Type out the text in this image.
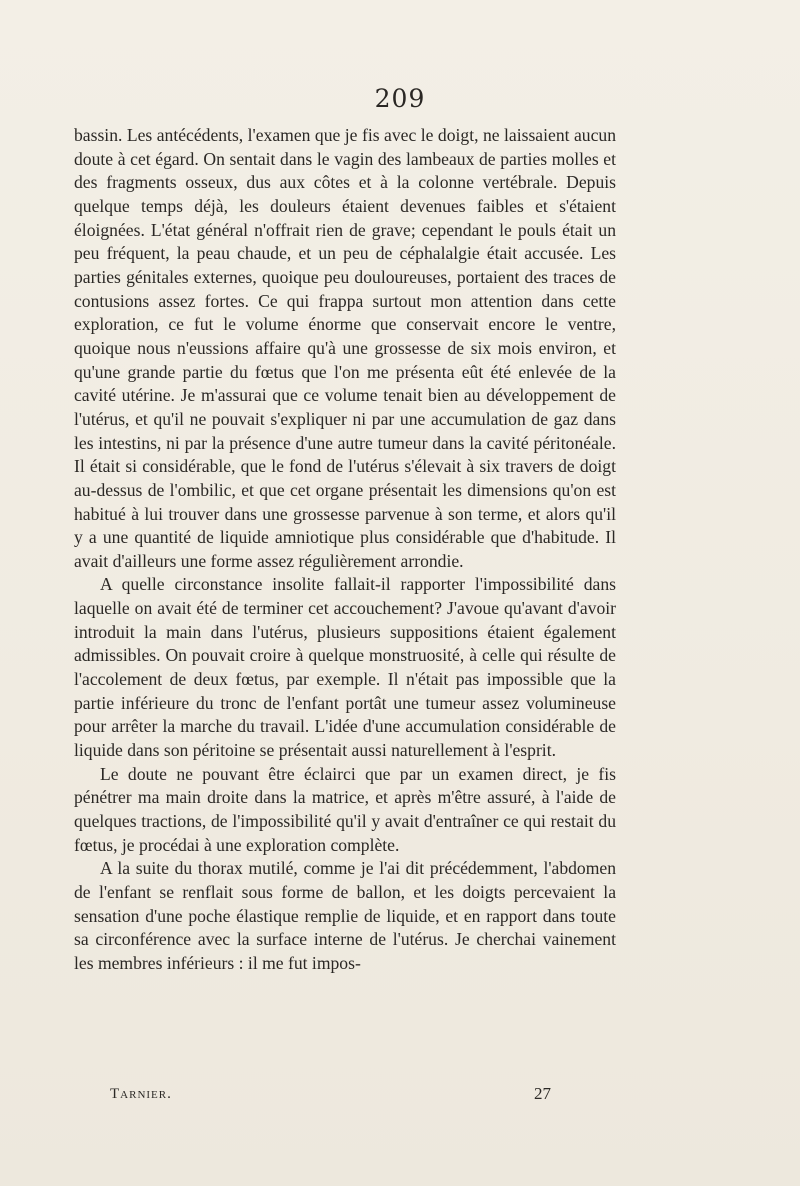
209

bassin. Les antécédents, l'examen que je fis avec le doigt, ne laissaient aucun doute à cet égard. On sentait dans le vagin des lambeaux de parties molles et des fragments osseux, dus aux côtes et à la colonne vertébrale. Depuis quelque temps déjà, les douleurs étaient devenues faibles et s'étaient éloignées. L'état général n'offrait rien de grave; cependant le pouls était un peu fréquent, la peau chaude, et un peu de céphalalgie était accusée. Les parties génitales externes, quoique peu douloureuses, portaient des traces de contusions assez fortes. Ce qui frappa surtout mon attention dans cette exploration, ce fut le volume énorme que conservait encore le ventre, quoique nous n'eussions affaire qu'à une grossesse de six mois environ, et qu'une grande partie du fœtus que l'on me présenta eût été enlevée de la cavité utérine. Je m'assurai que ce volume tenait bien au développement de l'utérus, et qu'il ne pouvait s'expliquer ni par une accumulation de gaz dans les intestins, ni par la présence d'une autre tumeur dans la cavité péritonéale. Il était si considérable, que le fond de l'utérus s'élevait à six travers de doigt au-dessus de l'ombilic, et que cet organe présentait les dimensions qu'on est habitué à lui trouver dans une grossesse parvenue à son terme, et alors qu'il y a une quantité de liquide amniotique plus considérable que d'habitude. Il avait d'ailleurs une forme assez régulièrement arrondie.

A quelle circonstance insolite fallait-il rapporter l'impossibilité dans laquelle on avait été de terminer cet accouchement? J'avoue qu'avant d'avoir introduit la main dans l'utérus, plusieurs suppositions étaient également admissibles. On pouvait croire à quelque monstruosité, à celle qui résulte de l'accolement de deux fœtus, par exemple. Il n'était pas impossible que la partie inférieure du tronc de l'enfant portât une tumeur assez volumineuse pour arrêter la marche du travail. L'idée d'une accumulation considérable de liquide dans son péritoine se présentait aussi naturellement à l'esprit.

Le doute ne pouvant être éclairci que par un examen direct, je fis pénétrer ma main droite dans la matrice, et après m'être assuré, à l'aide de quelques tractions, de l'impossibilité qu'il y avait d'entraîner ce qui restait du fœtus, je procédai à une exploration complète.

A la suite du thorax mutilé, comme je l'ai dit précédemment, l'abdomen de l'enfant se renflait sous forme de ballon, et les doigts percevaient la sensation d'une poche élastique remplie de liquide, et en rapport dans toute sa circonférence avec la surface interne de l'utérus. Je cherchai vainement les membres inférieurs : il me fut impos-

Tarnier.	27
